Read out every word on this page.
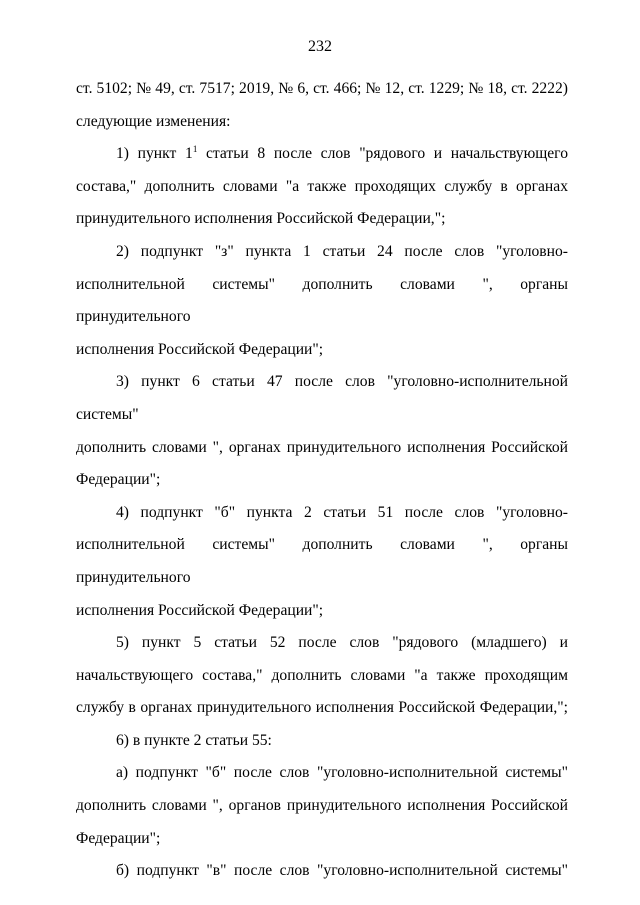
232

ст. 5102; № 49, ст. 7517; 2019, № 6, ст. 466; № 12, ст. 1229; № 18, ст. 2222)

следующие изменения:

1) пункт $1^1$ статьи 8 после слов "рядового и начальствующего

состава," дополнить словами "а также проходящих службу в органах

принудительного исполнения Российской Федерации,";

2) подпункт "з" пункта 1 статьи 24 после слов "уголовно-

исполнительной системы" дополнить словами ", органы принудительного

исполнения Российской Федерации";

3) пункт 6 статьи 47 после слов "уголовно-исполнительной системы"

дополнить словами ", органах принудительного исполнения Российской

Федерации";

4) подпункт "б" пункта 2 статьи 51 после слов "уголовно-

исполнительной системы" дополнить словами ", органы принудительного

исполнения Российской Федерации";

5) пункт 5 статьи 52 после слов "рядового (младшего) и

начальствующего состава," дополнить словами "а также проходящим

службу в органах принудительного исполнения Российской Федерации,";

6) в пункте 2 статьи 55:

а) подпункт "б" после слов "уголовно-исполнительной системы"

дополнить словами ", органов принудительного исполнения Российской

Федерации";

б) подпункт "в" после слов "уголовно-исполнительной системы"
